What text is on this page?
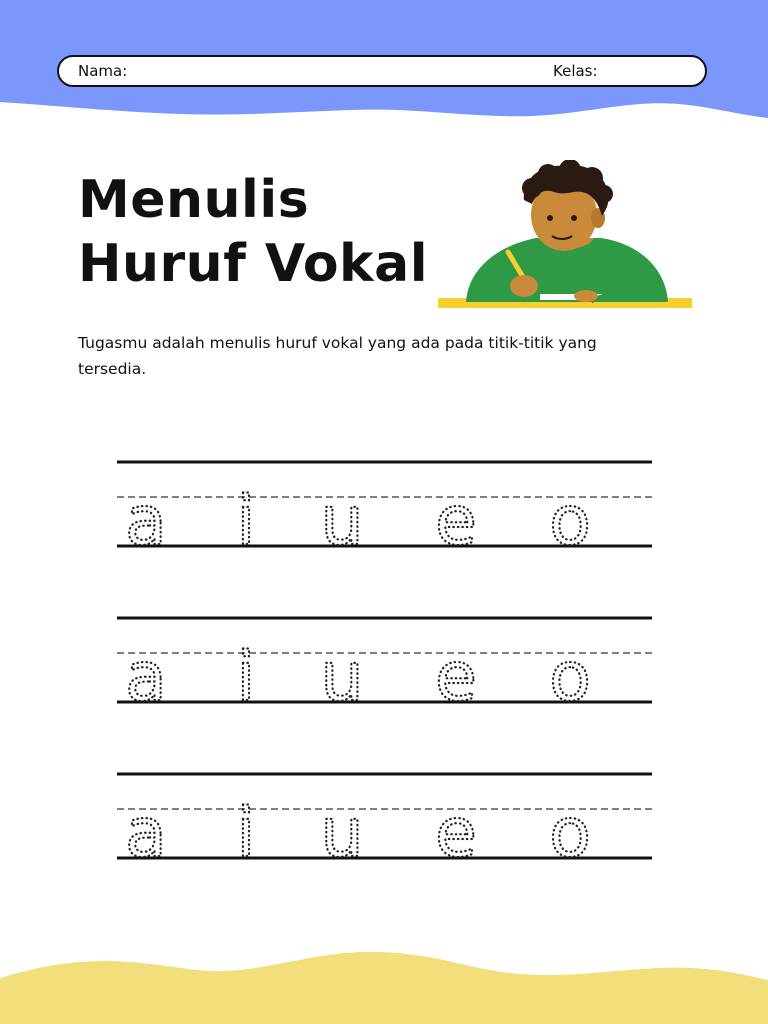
Nama:	Kelas:
Menulis
Huruf Vokal

Tugasmu adalah menulis huruf vokal yang ada pada titik-titik yang tersedia.

a i u e o
a i u e o
a i u e o
